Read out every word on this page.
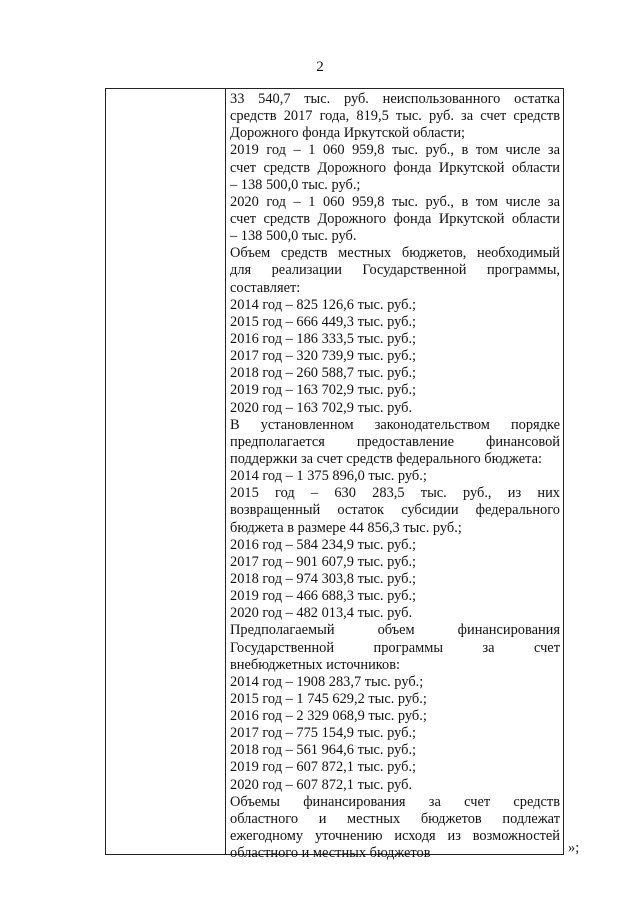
2
33 540,7 тыс. руб. неиспользованного остатка
средств 2017 года, 819,5 тыс. руб. за счет средств
Дорожного фонда Иркутской области;
2019 год – 1 060 959,8 тыс. руб., в том числе за
счет средств Дорожного фонда Иркутской области
– 138 500,0 тыс. руб.;
2020 год – 1 060 959,8 тыс. руб., в том числе за
счет средств Дорожного фонда Иркутской области
– 138 500,0 тыс. руб.
Объем средств местных бюджетов, необходимый
для реализации Государственной программы,
составляет:
2014 год – 825 126,6 тыс. руб.;
2015 год – 666 449,3 тыс. руб.;
2016 год – 186 333,5 тыс. руб.;
2017 год – 320 739,9 тыс. руб.;
2018 год – 260 588,7 тыс. руб.;
2019 год – 163 702,9 тыс. руб.;
2020 год – 163 702,9 тыс. руб.
В установленном законодательством порядке
предполагается предоставление финансовой
поддержки за счет средств федерального бюджета:
2014 год – 1 375 896,0 тыс. руб.;
2015 год – 630 283,5 тыс. руб., из них
возвращенный остаток субсидии федерального
бюджета в размере 44 856,3 тыс. руб.;
2016 год – 584 234,9 тыс. руб.;
2017 год – 901 607,9 тыс. руб.;
2018 год – 974 303,8 тыс. руб.;
2019 год – 466 688,3 тыс. руб.;
2020 год – 482 013,4 тыс. руб.
Предполагаемый объем финансирования
Государственной программы за счет
внебюджетных источников:
2014 год – 1908 283,7 тыс. руб.;
2015 год – 1 745 629,2 тыс. руб.;
2016 год – 2 329 068,9 тыс. руб.;
2017 год – 775 154,9 тыс. руб.;
2018 год – 561 964,6 тыс. руб.;
2019 год – 607 872,1 тыс. руб.;
2020 год – 607 872,1 тыс. руб.
Объемы финансирования за счет средств
областного и местных бюджетов подлежат
ежегодному уточнению исходя из возможностей
областного и местных бюджетов	»;
